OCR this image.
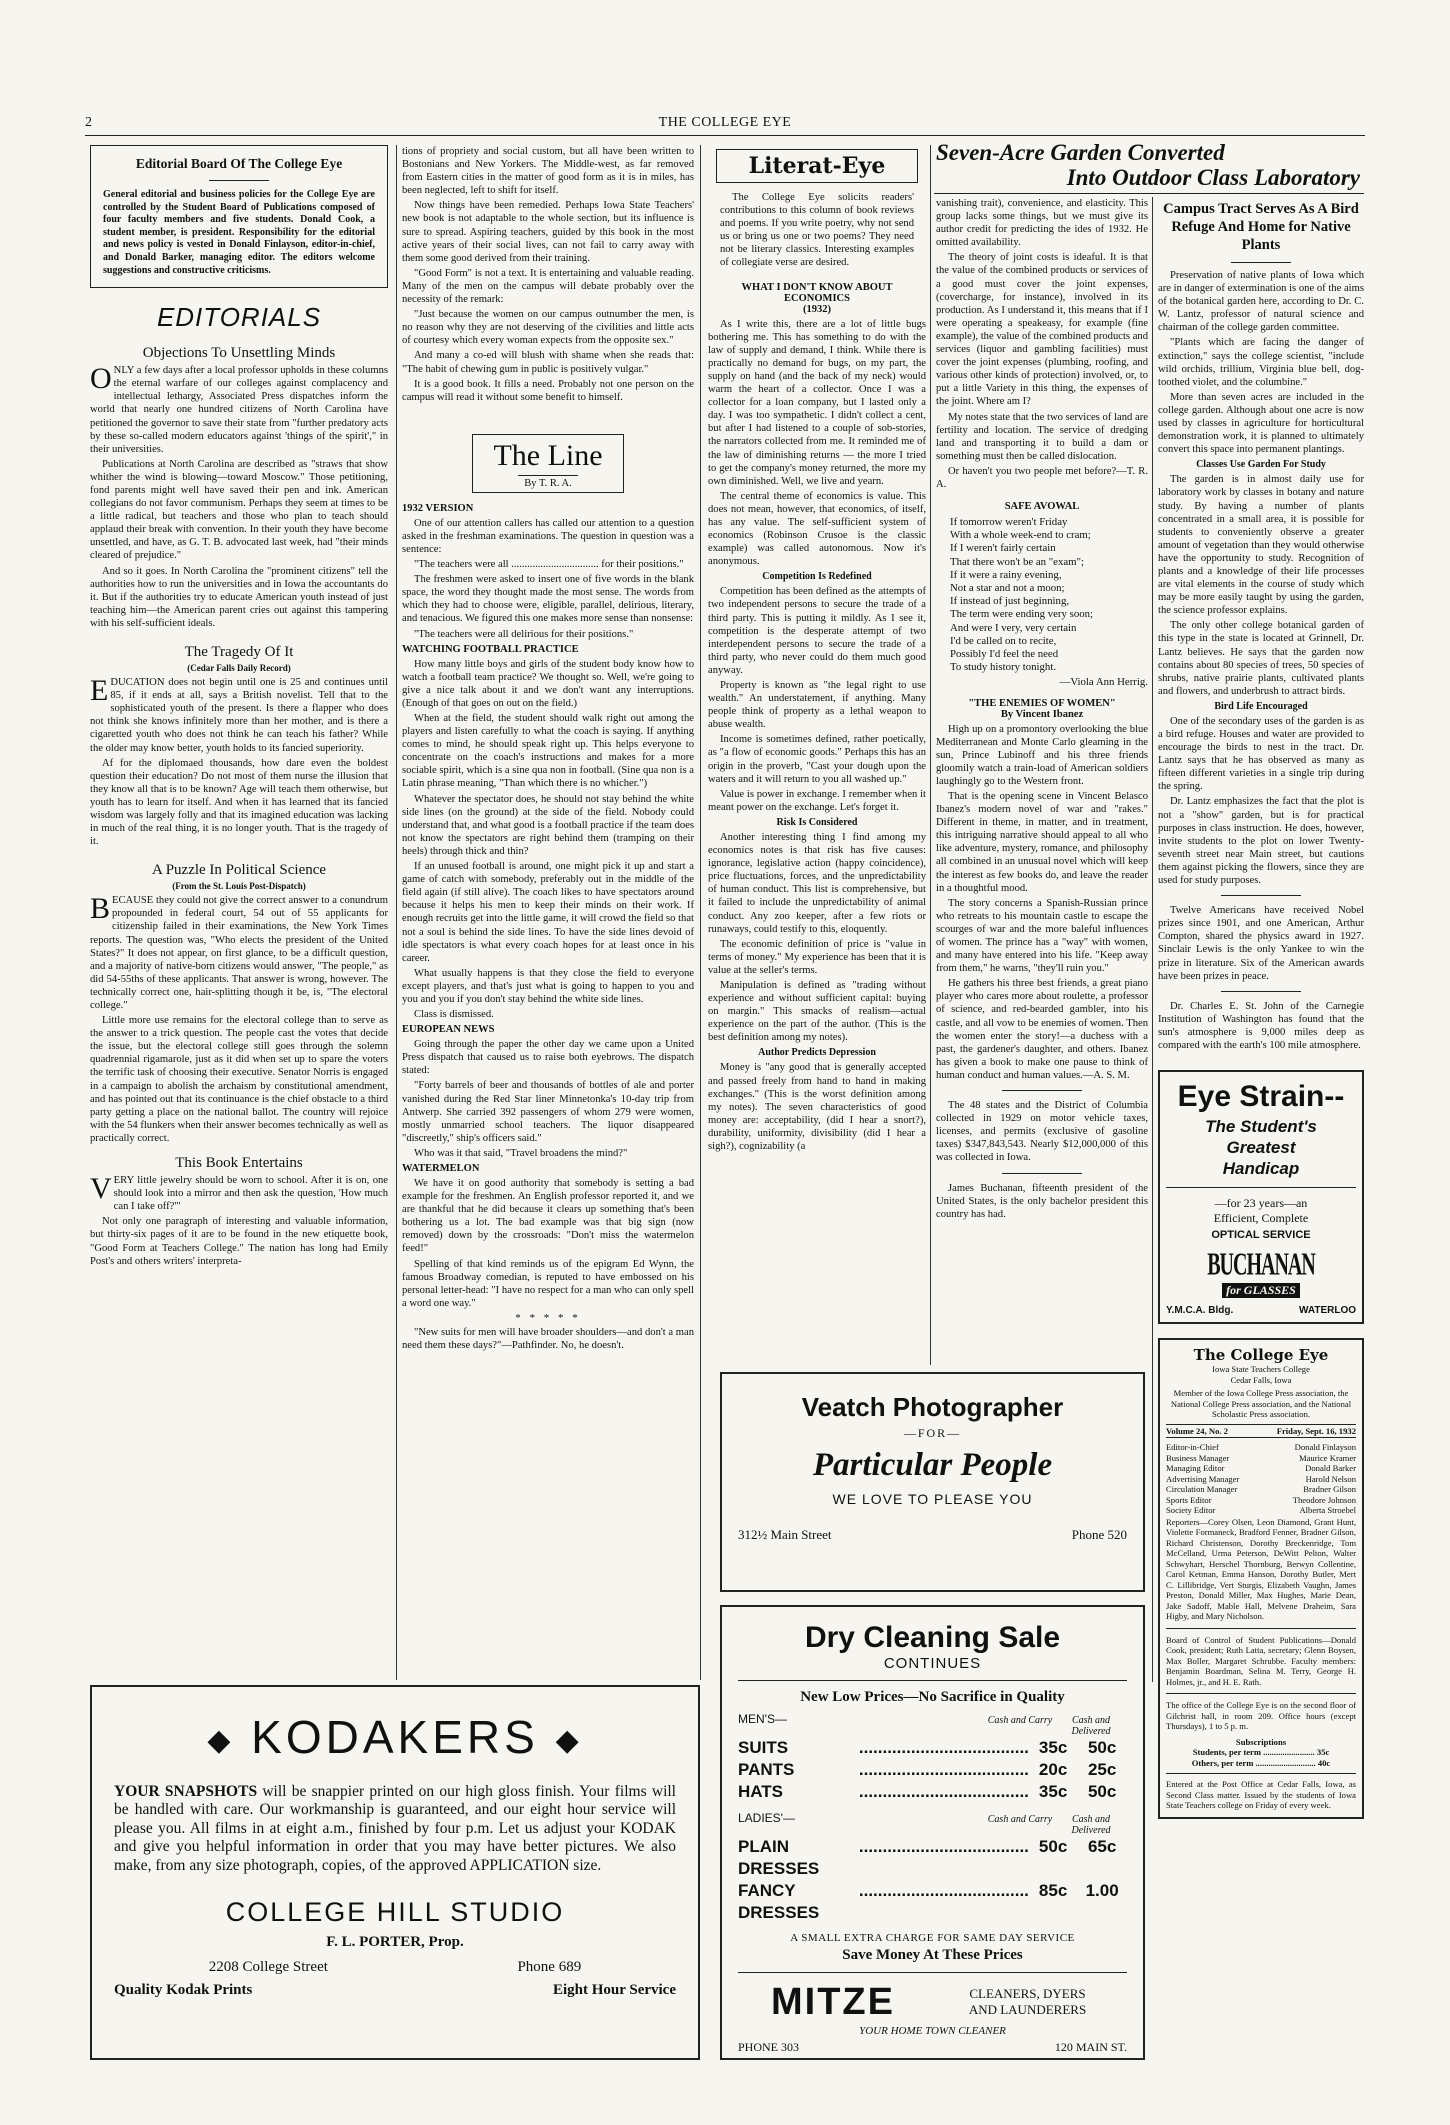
2	THE COLLEGE EYE
Editorial Board Of The College Eye

General editorial and business policies for the College Eye are controlled by the Student Board of Publications composed of four faculty members and five students. Donald Cook, a student member, is president. Responsibility for the editorial and news policy is vested in Donald Finlayson, editor-in-chief, and Donald Barker, managing editor. The editors welcome suggestions and constructive criticisms.

EDITORIALS
Objections To Unsettling Minds

ONLY a few days after a local professor upholds in these columns the eternal warfare of our colleges against complacency and intellectual lethargy, Associated Press dispatches inform the world that nearly one hundred citizens of North Carolina have petitioned the governor to save their state from "further predatory acts by these so-called modern educators against 'things of the spirit'," in their universities.

Publications at North Carolina are described as "straws that show whither the wind is blowing—toward Moscow." Those petitioning, fond parents might well have saved their pen and ink. American collegians do not favor communism. Perhaps they seem at times to be a little radical, but teachers and those who plan to teach should applaud their break with convention. In their youth they have become unsettled, and have, as G. T. B. advocated last week, had "their minds cleared of prejudice."

And so it goes. In North Carolina the "prominent citizens" tell the authorities how to run the universities and in Iowa the accountants do it. But if the authorities try to educate American youth instead of just teaching him—the American parent cries out against this tampering with his self-sufficient ideals.

The Tragedy Of It
(Cedar Falls Daily Record)

EDUCATION does not begin until one is 25 and continues until 85, if it ends at all, says a British novelist. Tell that to the sophisticated youth of the present. Is there a flapper who does not think she knows infinitely more than her mother, and is there a cigaretted youth who does not think he can teach his father? While the older may know better, youth holds to its fancied superiority.

Af for the diplomaed thousands, how dare even the boldest question their education? Do not most of them nurse the illusion that they know all that is to be known? Age will teach them otherwise, but youth has to learn for itself. And when it has learned that its fancied wisdom was largely folly and that its imagined education was lacking in much of the real thing, it is no longer youth. That is the tragedy of it.

A Puzzle In Political Science
(From the St. Louis Post-Dispatch)

BECAUSE they could not give the correct answer to a conundrum propounded in federal court, 54 out of 55 applicants for citizenship failed in their examinations, the New York Times reports. The question was, "Who elects the president of the United States?" It does not appear, on first glance, to be a difficult question, and a majority of native-born citizens would answer, "The people," as did 54-55ths of these applicants. That answer is wrong, however. The technically correct one, hair-splitting though it be, is, "The electoral college."

Little more use remains for the electoral college than to serve as the answer to a trick question. The people cast the votes that decide the issue, but the electoral college still goes through the solemn quadrennial rigamarole, just as it did when set up to spare the voters the terrific task of choosing their executive. Senator Norris is engaged in a campaign to abolish the archaism by constitutional amendment, and has pointed out that its continuance is the chief obstacle to a third party getting a place on the national ballot. The country will rejoice with the 54 flunkers when their answer becomes technically as well as practically correct.

This Book Entertains

VERY little jewelry should be worn to school. After it is on, one should look into a mirror and then ask the question, 'How much can I take off?'"

Not only one paragraph of interesting and valuable information, but thirty-six pages of it are to be found in the new etiquette book, "Good Form at Teachers College." The nation has long had Emily Post's and others writers' interpreta-

tions of propriety and social custom, but all have been written to Bostonians and New Yorkers. The Middle-west, as far removed from Eastern cities in the matter of good form as it is in miles, has been neglected, left to shift for itself.

Now things have been remedied. Perhaps Iowa State Teachers' new book is not adaptable to the whole section, but its influence is sure to spread. Aspiring teachers, guided by this book in the most active years of their social lives, can not fail to carry away with them some good derived from their training.

"Good Form" is not a text. It is entertaining and valuable reading. Many of the men on the campus will debate probably over the necessity of the remark:

"Just because the women on our campus outnumber the men, is no reason why they are not deserving of the civilities and little acts of courtesy which every woman expects from the opposite sex."

And many a co-ed will blush with shame when she reads that: "The habit of chewing gum in public is positively vulgar."

It is a good book. It fills a need. Probably not one person on the campus will read it without some benefit to himself.

The Line
By T. R. A.
1932 VERSION

One of our attention callers has called our attention to a question asked in the freshman examinations. The question in question was a sentence:

"The teachers were all ................................. for their positions."

The freshmen were asked to insert one of five words in the blank space, the word they thought made the most sense. The words from which they had to choose were, eligible, parallel, delirious, literary, and tenacious. We figured this one makes more sense than nonsense:

"The teachers were all delirious for their positions."

WATCHING FOOTBALL PRACTICE

How many little boys and girls of the student body know how to watch a football team practice? We thought so. Well, we're going to give a nice talk about it and we don't want any interruptions. (Enough of that goes on out on the field.)

When at the field, the student should walk right out among the players and listen carefully to what the coach is saying. If anything comes to mind, he should speak right up. This helps everyone to concentrate on the coach's instructions and makes for a more sociable spirit, which is a sine qua non in football. (Sine qua non is a Latin phrase meaning, "Than which there is no whicher.")

Whatever the spectator does, he should not stay behind the white side lines (on the ground) at the side of the field. Nobody could understand that, and what good is a football practice if the team does not know the spectators are right behind them (tramping on their heels) through thick and thin?

If an unused football is around, one might pick it up and start a game of catch with somebody, preferably out in the middle of the field again (if still alive). The coach likes to have spectators around because it helps his men to keep their minds on their work. If enough recruits get into the little game, it will crowd the field so that not a soul is behind the side lines. To have the side lines devoid of idle spectators is what every coach hopes for at least once in his career.

What usually happens is that they close the field to everyone except players, and that's just what is going to happen to you and you and you if you don't stay behind the white side lines.

Class is dismissed.

EUROPEAN NEWS

Going through the paper the other day we came upon a United Press dispatch that caused us to raise both eyebrows. The dispatch stated:

"Forty barrels of beer and thousands of bottles of ale and porter vanished during the Red Star liner Minnetonka's 10-day trip from Antwerp. She carried 392 passengers of whom 279 were women, mostly unmarried school teachers. The liquor disappeared "discreetly," ship's officers said."

Who was it that said, "Travel broadens the mind?"

WATERMELON

We have it on good authority that somebody is setting a bad example for the freshmen. An English professor reported it, and we are thankful that he did because it clears up something that's been bothering us a lot. The bad example was that big sign (now removed) down by the crossroads: "Don't miss the watermelon feed!"

Spelling of that kind reminds us of the epigram Ed Wynn, the famous Broadway comedian, is reputed to have embossed on his personal letter-head: "I have no respect for a man who can only spell a word one way."

* * * * *

"New suits for men will have broader shoulders—and don't a man need them these days?"—Pathfinder. No, he doesn't.

Literat-Eye

The College Eye solicits readers' contributions to this column of book reviews and poems. If you write poetry, why not send us or bring us one or two poems? They need not be literary classics. Interesting examples of collegiate verse are desired.

WHAT I DON'T KNOW ABOUT ECONOMICS
(1932)

As I write this, there are a lot of little bugs bothering me. This has something to do with the law of supply and demand, I think. While there is practically no demand for bugs, on my part, the supply on hand (and the back of my neck) would warm the heart of a collector. Once I was a collector for a loan company, but I lasted only a day. I was too sympathetic. I didn't collect a cent, but after I had listened to a couple of sob-stories, the narrators collected from me. It reminded me of the law of diminishing returns — the more I tried to get the company's money returned, the more my own diminished. Well, we live and yearn.

The central theme of economics is value. This does not mean, however, that economics, of itself, has any value. The self-sufficient system of economics (Robinson Crusoe is the classic example) was called autonomous. Now it's anonymous.

Competition Is Redefined

Competition has been defined as the attempts of two independent persons to secure the trade of a third party. This is putting it mildly. As I see it, competition is the desperate attempt of two interdependent persons to secure the trade of a third party, who never could do them much good anyway.

Property is known as "the legal right to use wealth." An understatement, if anything. Many people think of property as a lethal weapon to abuse wealth.

Income is sometimes defined, rather poetically, as "a flow of economic goods." Perhaps this has an origin in the proverb, "Cast your dough upon the waters and it will return to you all washed up."

Value is power in exchange. I remember when it meant power on the exchange. Let's forget it.

Risk Is Considered

Another interesting thing I find among my economics notes is that risk has five causes: ignorance, legislative action (happy coincidence), price fluctuations, forces, and the unpredictability of human conduct. This list is comprehensive, but it failed to include the unpredictability of animal conduct. Any zoo keeper, after a few riots or runaways, could testify to this, eloquently.

The economic definition of price is "value in terms of money." My experience has been that it is value at the seller's terms.

Manipulation is defined as "trading without experience and without sufficient capital: buying on margin." This smacks of realism—actual experience on the part of the author. (This is the best definition among my notes).

Author Predicts Depression

Money is "any good that is generally accepted and passed freely from hand to hand in making exchanges." (This is the worst definition among my notes). The seven characteristics of good money are: acceptability, (did I hear a snort?), durability, uniformity, divisibility (did I hear a sigh?), cognizability (a

Seven-Acre Garden Converted
Into Outdoor Class Laboratory

vanishing trait), convenience, and elasticity. This group lacks some things, but we must give its author credit for predicting the ides of 1932. He omitted availability.

The theory of joint costs is ideaful. It is that the value of the combined products or services of a good must cover the joint expenses, (covercharge, for instance), involved in its production. As I understand it, this means that if I were operating a speakeasy, for example (fine example), the value of the combined products and services (liquor and gambling facilities) must cover the joint expenses (plumbing, roofing, and various other kinds of protection) involved, or, to put a little Variety in this thing, the expenses of the joint. Where am I?

My notes state that the two services of land are fertility and location. The service of dredging land and transporting it to build a dam or something must then be called dislocation.

Or haven't you two people met before?—T. R. A.

SAFE AVOWAL
If tomorrow weren't Friday
With a whole week-end to cram;
If I weren't fairly certain
That there won't be an "exam";
If it were a rainy evening,
Not a star and not a moon;
If instead of just beginning,
The term were ending very soon;
And were I very, very certain
I'd be called on to recite,
Possibly I'd feel the need
To study history tonight.
—Viola Ann Herrig.
"THE ENEMIES OF WOMEN"
By Vincent Ibanez

High up on a promontory overlooking the blue Mediterranean and Monte Carlo gleaming in the sun, Prince Lubinoff and his three friends gloomily watch a train-load of American soldiers laughingly go to the Western front.

That is the opening scene in Vincent Belasco Ibanez's modern novel of war and "rakes." Different in theme, in matter, and in treatment, this intriguing narrative should appeal to all who like adventure, mystery, romance, and philosophy all combined in an unusual novel which will keep the interest as few books do, and leave the reader in a thoughtful mood.

The story concerns a Spanish-Russian prince who retreats to his mountain castle to escape the scourges of war and the more baleful influences of women. The prince has a "way" with women, and many have entered into his life. "Keep away from them," he warns, "they'll ruin you."

He gathers his three best friends, a great piano player who cares more about roulette, a professor of science, and red-bearded gambler, into his castle, and all vow to be enemies of women. Then the women enter the story!—a duchess with a past, the gardener's daughter, and others. Ibanez has given a book to make one pause to think of human conduct and human values.—A. S. M.

The 48 states and the District of Columbia collected in 1929 on motor vehicle taxes, licenses, and permits (exclusive of gasoline taxes) $347,843,543. Nearly $12,000,000 of this was collected in Iowa.

James Buchanan, fifteenth president of the United States, is the only bachelor president this country has had.

Campus Tract Serves As A Bird Refuge And Home for Native Plants

Preservation of native plants of Iowa which are in danger of extermination is one of the aims of the botanical garden here, according to Dr. C. W. Lantz, professor of natural science and chairman of the college garden committee.

"Plants which are facing the danger of extinction," says the college scientist, "include wild orchids, trillium, Virginia blue bell, dog-toothed violet, and the columbine."

More than seven acres are included in the college garden. Although about one acre is now used by classes in agriculture for horticultural demonstration work, it is planned to ultimately convert this space into permanent plantings.

Classes Use Garden For Study

The garden is in almost daily use for laboratory work by classes in botany and nature study. By having a number of plants concentrated in a small area, it is possible for students to conveniently observe a greater amount of vegetation than they would otherwise have the opportunity to study. Recognition of plants and a knowledge of their life processes are vital elements in the course of study which may be more easily taught by using the garden, the science professor explains.

The only other college botanical garden of this type in the state is located at Grinnell, Dr. Lantz believes. He says that the garden now contains about 80 species of trees, 50 species of shrubs, native prairie plants, cultivated plants and flowers, and underbrush to attract birds.

Bird Life Encouraged

One of the secondary uses of the garden is as a bird refuge. Houses and water are provided to encourage the birds to nest in the tract. Dr. Lantz says that he has observed as many as fifteen different varieties in a single trip during the spring.

Dr. Lantz emphasizes the fact that the plot is not a "show" garden, but is for practical purposes in class instruction. He does, however, invite students to the plot on lower Twenty-seventh street near Main street, but cautions them against picking the flowers, since they are used for study purposes.

Twelve Americans have received Nobel prizes since 1901, and one American, Arthur Compton, shared the physics award in 1927. Sinclair Lewis is the only Yankee to win the prize in literature. Six of the American awards have been prizes in peace.

Dr. Charles E. St. John of the Carnegie Institution of Washington has found that the sun's atmosphere is 9,000 miles deep as compared with the earth's 100 mile atmosphere.

Eye Strain--
The Student's
Greatest
Handicap
—for 23 years—an
Efficient, Complete
OPTICAL SERVICE
BUCHANAN
for GLASSES
Y.M.C.A. Bldg.	WATERLOO
The College Eye
Iowa State Teachers College
Cedar Falls, Iowa
Member of the Iowa College Press association, the National College Press association, and the National Scholastic Press association.
Volume 24, No. 2	Friday, Sept. 16, 1932
Editor-in-Chief	Donald Finlayson
Business Manager	Maurice Kramer
Managing Editor	Donald Barker
Advertising Manager	Harold Nelson
Circulation Manager	Bradner Gilson
Sports Editor	Theodore Johnson
Society Editor	Alberta Stroebel
Reporters—Corey Olsen, Leon Diamond, Grant Hunt, Violette Formaneck, Bradford Fenner, Bradner Gilson, Richard Christenson, Dorothy Breckenridge, Tom McCelland, Urma Peterson, DeWitt Pelton, Walter Schwyhart, Herschel Thornburg, Berwyn Collentine, Carol Ketman, Emma Hanson, Dorothy Butler, Mert C. Lillibridge, Vert Sturgis, Elizabeth Vaughn, James Preston, Donald Miller, Max Hughes, Marie Dean, Jake Sadoff, Mable Hall, Melvene Draheim, Sara Higby, and Mary Nicholson.
Board of Control of Student Publications—Donald Cook, president; Ruth Latta, secretary; Glenn Boysen, Max Boller, Margaret Schrubbe. Faculty members: Benjamin Boardman, Selina M. Terry, George H. Holmes, jr., and H. E. Rath.
The office of the College Eye is on the second floor of Gilchrist hall, in room 209. Office hours (except Thursdays), 1 to 5 p. m.
Subscriptions
Students, per term ........................ 35c
Others, per term ............................ 40c
Entered at the Post Office at Cedar Falls, Iowa, as Second Class matter. Issued by the students of Iowa State Teachers college on Friday of every week.
Veatch Photographer
—FOR—
Particular People
WE LOVE TO PLEASE YOU
312½ Main Street	Phone 520
Dry Cleaning Sale
CONTINUES
New Low Prices—No Sacrifice in Quality
MEN'S—	Cash and Carry	Cash and Delivered
SUITS	.................................... 35c	50c
PANTS	.................................... 20c	25c
HATS	.................................... 35c	50c
LADIES'—	Cash and Carry	Cash and Delivered
PLAIN DRESSES
.................................... 50c	65c
FANCY DRESSES
.................................... 85c	1.00
A SMALL EXTRA CHARGE FOR SAME DAY SERVICE
Save Money At These Prices
MITZE	CLEANERS, DYERS
AND LAUNDERERS
YOUR HOME TOWN CLEANER
PHONE 303	120 MAIN ST.
◆ KODAKERS ◆

YOUR SNAPSHOTS will be snappier printed on our high gloss finish. Your films will be handled with care. Our workmanship is guaranteed, and our eight hour service will please you. All films in at eight a.m., finished by four p.m. Let us adjust your KODAK and give you helpful information in order that you may have better pictures. We also make, from any size photograph, copies, of the approved APPLICATION size.

COLLEGE HILL STUDIO
F. L. PORTER, Prop.
2208 College Street	Phone 689
Quality Kodak Prints	Eight Hour Service
